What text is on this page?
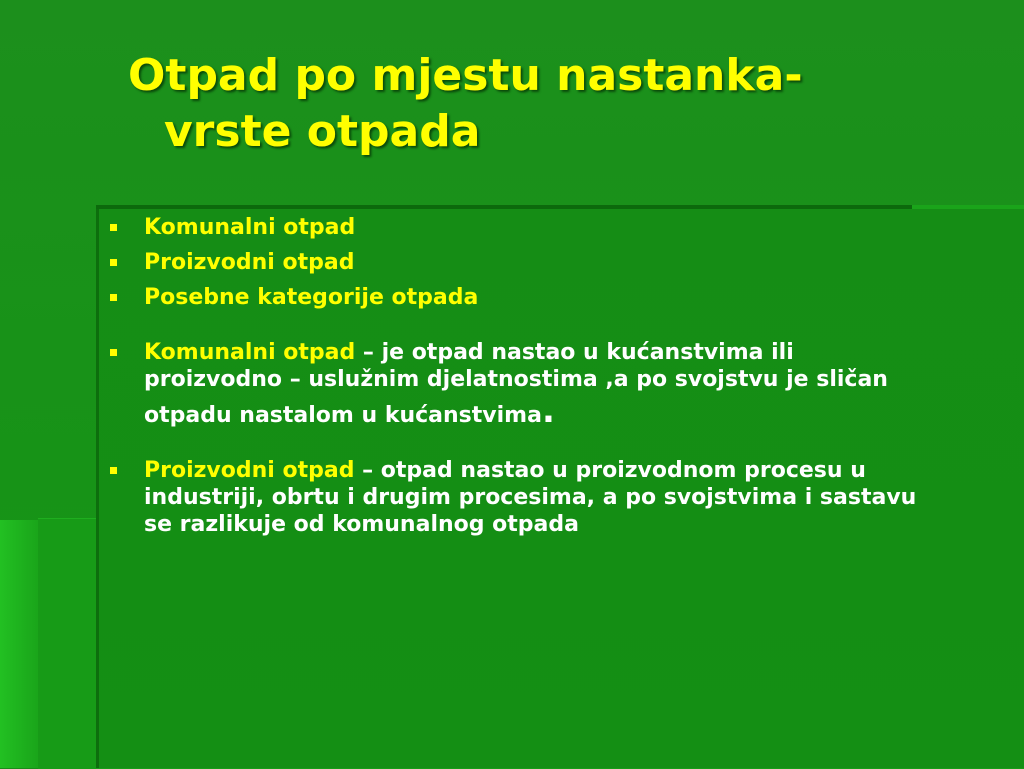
Otpad po mjestu nastanka-
vrste otpada
Komunalni otpad
Proizvodni otpad
Posebne kategorije otpada
Komunalni otpad – je otpad nastao u kućanstvima ili
proizvodno – uslužnim djelatnostima ,a po svojstvu je sličan
otpadu nastalom u kućanstvima.
Proizvodni otpad – otpad nastao u proizvodnom procesu u
industriji, obrtu i drugim procesima, a po svojstvima i sastavu
se razlikuje od komunalnog otpada
